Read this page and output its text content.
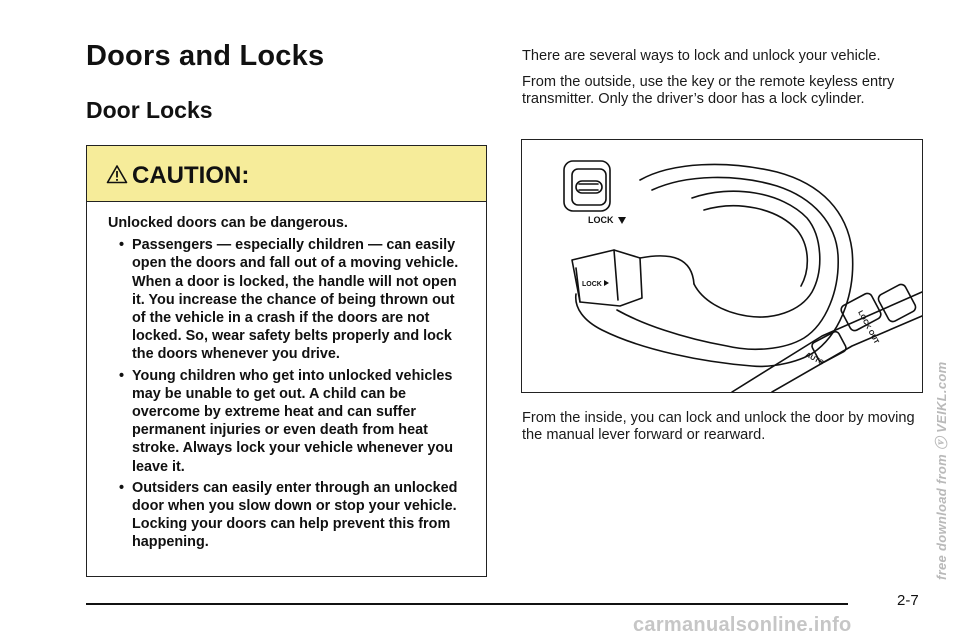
Doors and Locks
Door Locks
CAUTION:

Unlocked doors can be dangerous.

• Passengers — especially children — can easily open the doors and fall out of a moving vehicle. When a door is locked, the handle will not open it. You increase the chance of being thrown out of the vehicle in a crash if the doors are not locked. So, wear safety belts properly and lock the doors whenever you drive.
• Young children who get into unlocked vehicles may be unable to get out. A child can be overcome by extreme heat and can suffer permanent injuries or even death from heat stroke. Always lock your vehicle whenever you leave it.
• Outsiders can easily enter through an unlocked door when you slow down or stop your vehicle. Locking your doors can help prevent this from happening.

There are several ways to lock and unlock your vehicle.

From the outside, use the key or the remote keyless entry transmitter. Only the driver’s door has a lock cylinder.

LOCK
LOCK
LOCK OUT
AUTO

From the inside, you can lock and unlock the door by moving the manual lever forward or rearward.	free download from ⓥ VEIKL.com
2-7
carmanualsonline.info
